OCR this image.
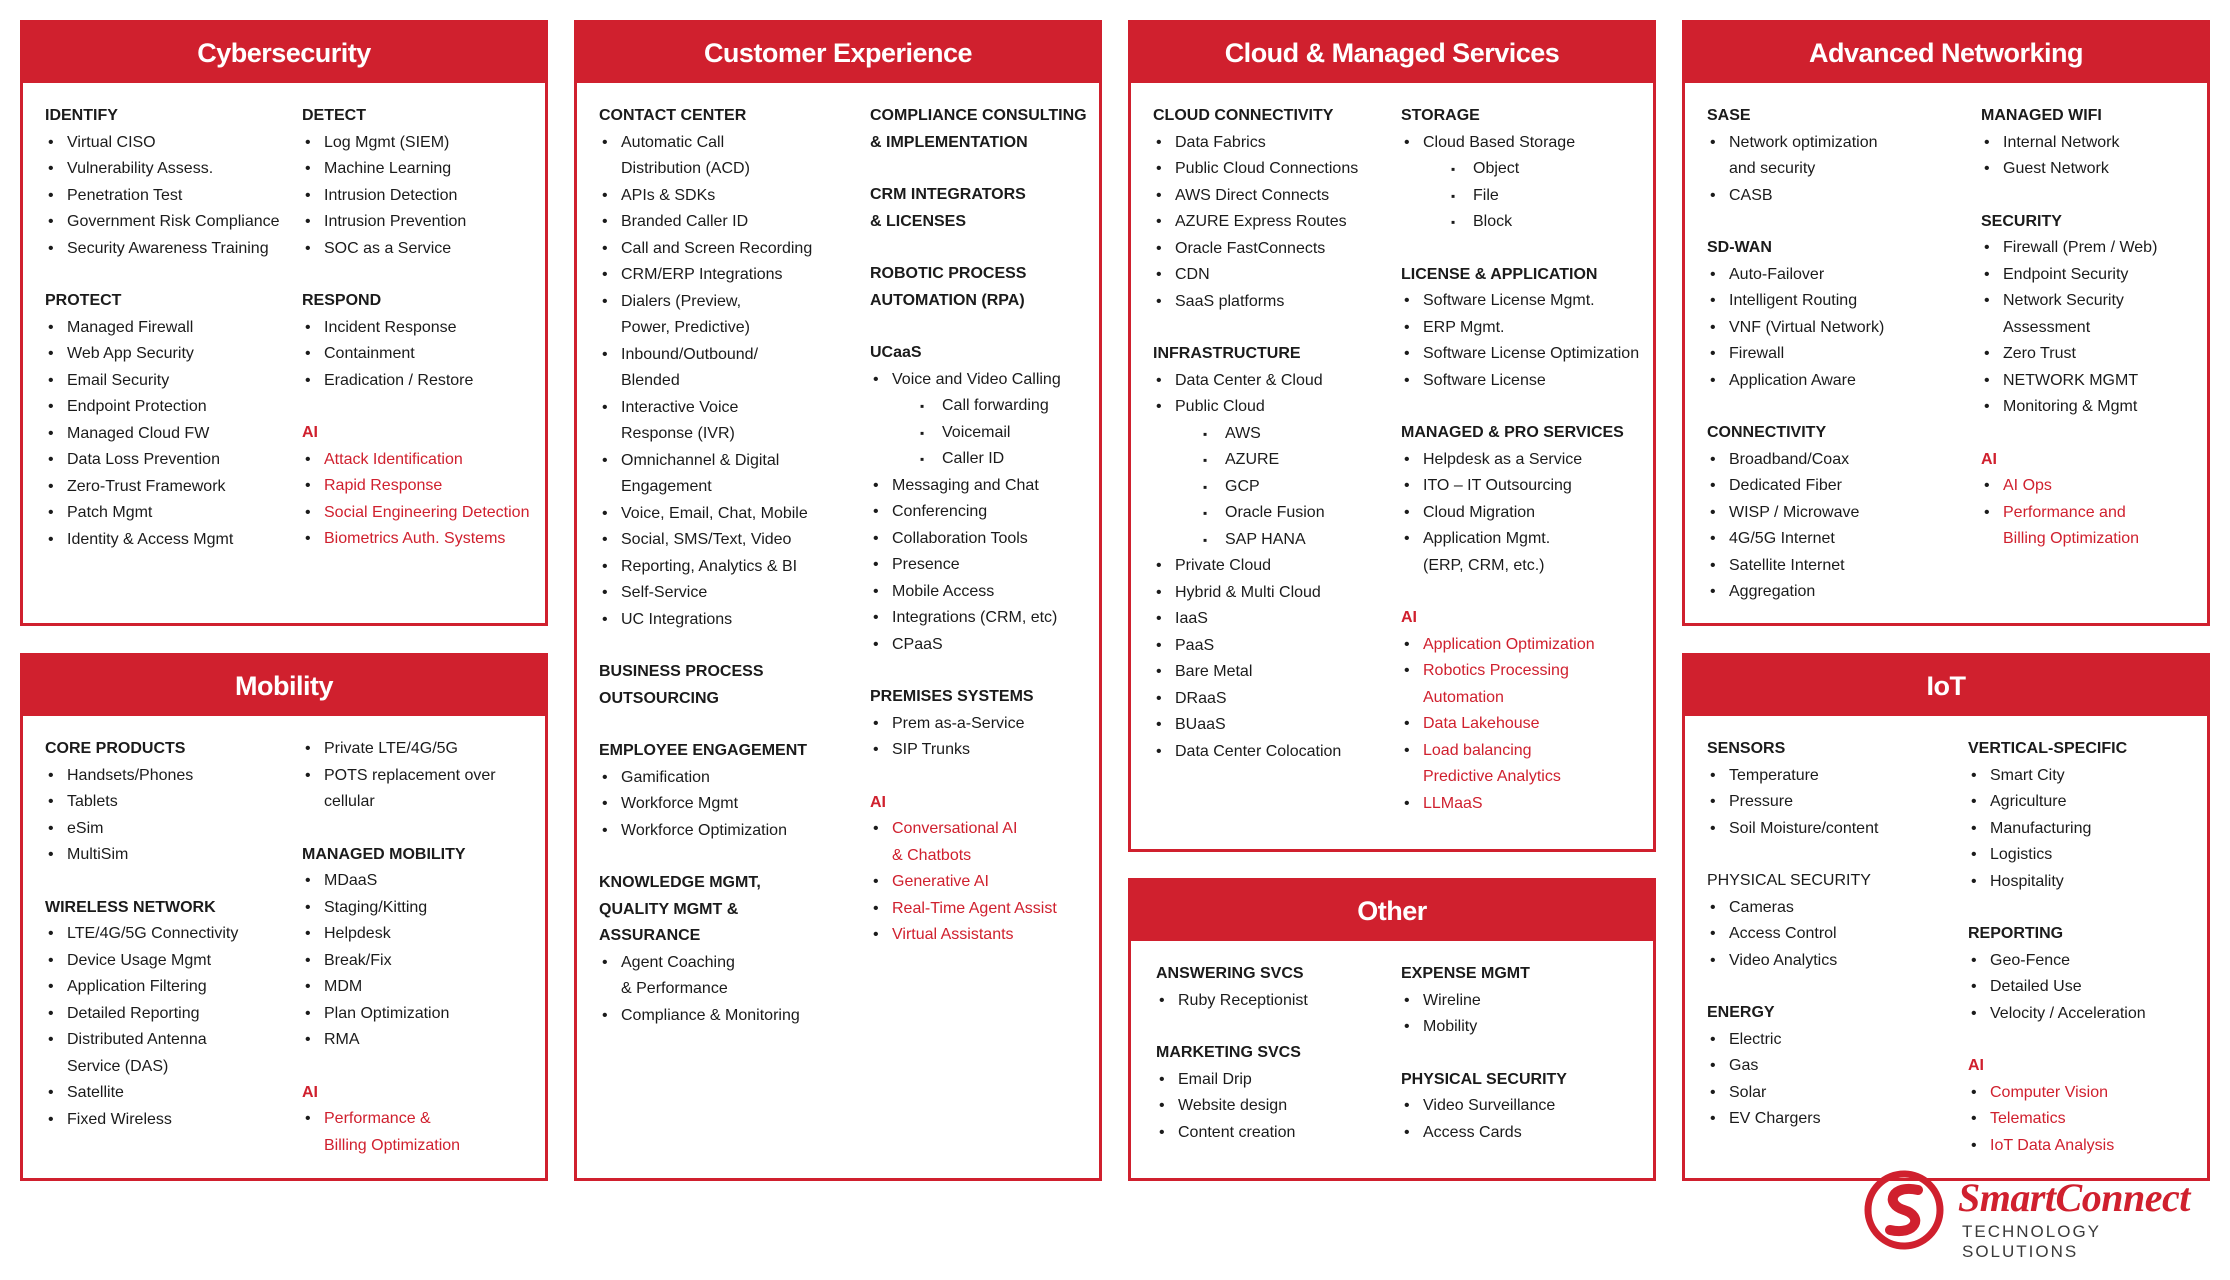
Cybersecurity
IDENTIFY
• Virtual CISO
• Vulnerability Assess.
• Penetration Test
• Government Risk Compliance
• Security Awareness Training
PROTECT
• Managed Firewall
• Web App Security
• Email Security
• Endpoint Protection
• Managed Cloud FW
• Data Loss Prevention
• Zero-Trust Framework
• Patch Mgmt
• Identity & Access Mgmt
DETECT
• Log Mgmt (SIEM)
• Machine Learning
• Intrusion Detection
• Intrusion Prevention
• SOC as a Service
RESPOND
• Incident Response
• Containment
• Eradication / Restore
AI
• Attack Identification
• Rapid Response
• Social Engineering Detection
• Biometrics Auth. Systems
Mobility
CORE PRODUCTS
• Handsets/Phones
• Tablets
• eSim
• MultiSim
WIRELESS NETWORK
• LTE/4G/5G Connectivity
• Device Usage Mgmt
• Application Filtering
• Detailed Reporting
• Distributed Antenna
Service (DAS)
• Satellite
• Fixed Wireless
• Private LTE/4G/5G
• POTS replacement over cellular
MANAGED MOBILITY
• MDaaS
• Staging/Kitting
• Helpdesk
• Break/Fix
• MDM
• Plan Optimization
• RMA
AI
• Performance &
Billing Optimization
Customer Experience
CONTACT CENTER
• Automatic Call
Distribution (ACD)
• APIs & SDKs
• Branded Caller ID
• Call and Screen Recording
• CRM/ERP Integrations
• Dialers (Preview,
Power, Predictive)
• Inbound/Outbound/
Blended
• Interactive Voice
Response (IVR)
• Omnichannel & Digital
Engagement
• Voice, Email, Chat, Mobile
• Social, SMS/Text, Video
• Reporting, Analytics & BI
• Self-Service
• UC Integrations
BUSINESS PROCESS
OUTSOURCING
EMPLOYEE ENGAGEMENT
• Gamification
• Workforce Mgmt
• Workforce Optimization
KNOWLEDGE MGMT,
QUALITY MGMT &
ASSURANCE
• Agent Coaching
& Performance
• Compliance & Monitoring
COMPLIANCE CONSULTING
& IMPLEMENTATION
CRM INTEGRATORS
& LICENSES
ROBOTIC PROCESS
AUTOMATION (RPA)
UCaaS
• Voice and Video Calling
▪ Call forwarding
▪ Voicemail
▪ Caller ID
• Messaging and Chat
• Conferencing
• Collaboration Tools
• Presence
• Mobile Access
• Integrations (CRM, etc)
• CPaaS
PREMISES SYSTEMS
• Prem as-a-Service
• SIP Trunks
AI
• Conversational AI
& Chatbots
• Generative AI
• Real-Time Agent Assist
• Virtual Assistants
Cloud & Managed Services
CLOUD CONNECTIVITY
• Data Fabrics
• Public Cloud Connections
• AWS Direct Connects
• AZURE Express Routes
• Oracle FastConnects
• CDN
• SaaS platforms
INFRASTRUCTURE
• Data Center & Cloud
• Public Cloud
▪ AWS
▪ AZURE
▪ GCP
▪ Oracle Fusion
▪ SAP HANA
• Private Cloud
• Hybrid & Multi Cloud
• IaaS
• PaaS
• Bare Metal
• DRaaS
• BUaaS
• Data Center Colocation
STORAGE
• Cloud Based Storage
▪ Object
▪ File
▪ Block
LICENSE & APPLICATION
• Software License Mgmt.
• ERP Mgmt.
• Software License Optimization
• Software License
MANAGED & PRO SERVICES
• Helpdesk as a Service
• ITO – IT Outsourcing
• Cloud Migration
• Application Mgmt.
(ERP, CRM, etc.)
AI
• Application Optimization
• Robotics Processing
Automation
• Data Lakehouse
• Load balancing
Predictive Analytics
• LLMaaS
Other
ANSWERING SVCS
• Ruby Receptionist
MARKETING SVCS
• Email Drip
• Website design
• Content creation
EXPENSE MGMT
• Wireline
• Mobility
PHYSICAL SECURITY
• Video Surveillance
• Access Cards
Advanced Networking
SASE
• Network optimization
and security
• CASB
SD-WAN
• Auto-Failover
• Intelligent Routing
• VNF (Virtual Network)
• Firewall
• Application Aware
CONNECTIVITY
• Broadband/Coax
• Dedicated Fiber
• WISP / Microwave
• 4G/5G Internet
• Satellite Internet
• Aggregation
MANAGED WIFI
• Internal Network
• Guest Network
SECURITY
• Firewall (Prem / Web)
• Endpoint Security
• Network Security
Assessment
• Zero Trust
• NETWORK MGMT
• Monitoring & Mgmt
AI
• AI Ops
• Performance and
Billing Optimization
IoT
SENSORS
• Temperature
• Pressure
• Soil Moisture/content
PHYSICAL SECURITY
• Cameras
• Access Control
• Video Analytics
ENERGY
• Electric
• Gas
• Solar
• EV Chargers
VERTICAL-SPECIFIC
• Smart City
• Agriculture
• Manufacturing
• Logistics
• Hospitality
REPORTING
• Geo-Fence
• Detailed Use
• Velocity / Acceleration
AI
• Computer Vision
• Telematics
• IoT Data Analysis
SmartConnect
TECHNOLOGY SOLUTIONS
